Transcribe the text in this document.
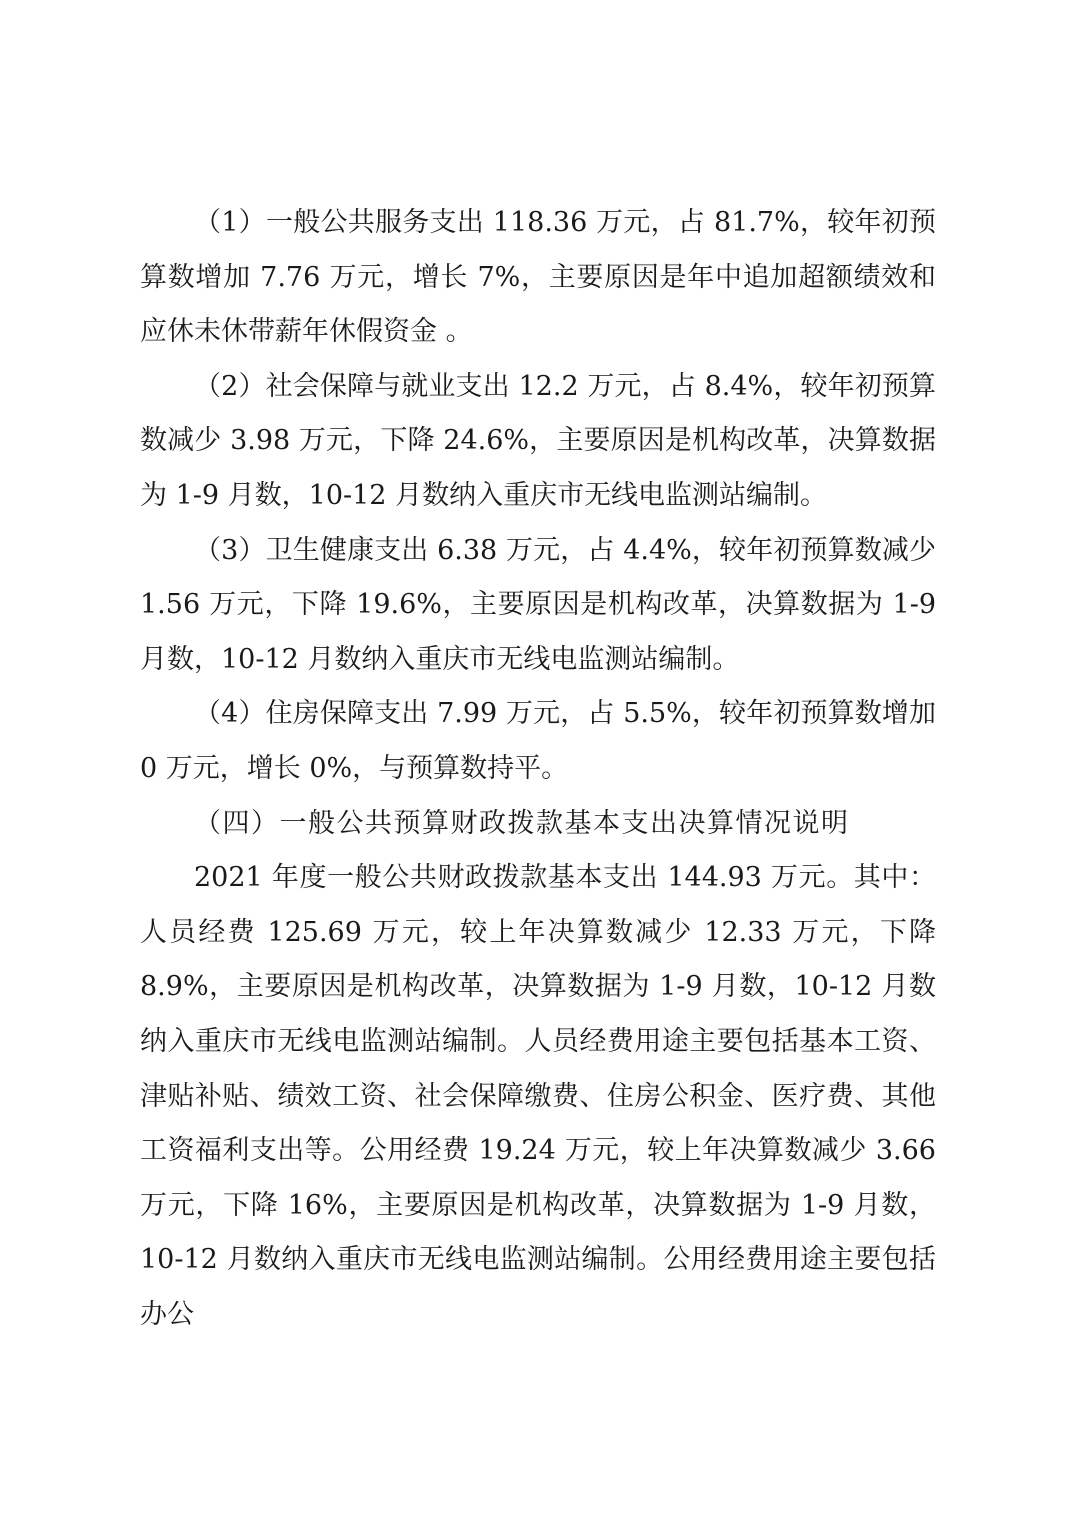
（1）一般公共服务支出 118.36 万元，占 81.7%，较年初预算数增加 7.76 万元，增长 7%，主要原因是年中追加超额绩效和应休未休带薪年休假资金 。

（2）社会保障与就业支出 12.2 万元，占 8.4%，较年初预算数减少 3.98 万元，下降 24.6%，主要原因是机构改革，决算数据为 1-9 月数，10-12 月数纳入重庆市无线电监测站编制。

（3）卫生健康支出 6.38 万元，占 4.4%，较年初预算数减少 1.56 万元，下降 19.6%，主要原因是机构改革，决算数据为 1-9 月数，10-12 月数纳入重庆市无线电监测站编制。

（4）住房保障支出 7.99 万元，占 5.5%，较年初预算数增加 0 万元，增长 0%，与预算数持平。

（四）一般公共预算财政拨款基本支出决算情况说明

2021 年度一般公共财政拨款基本支出 144.93 万元。其中：人员经费 125.69 万元，较上年决算数减少 12.33 万元，下降 8.9%，主要原因是机构改革，决算数据为 1-9 月数，10-12 月数纳入重庆市无线电监测站编制。人员经费用途主要包括基本工资、津贴补贴、绩效工资、社会保障缴费、住房公积金、医疗费、其他工资福利支出等。公用经费 19.24 万元，较上年决算数减少 3.66 万元，下降 16%，主要原因是机构改革，决算数据为 1-9 月数，10-12 月数纳入重庆市无线电监测站编制。公用经费用途主要包括办公
